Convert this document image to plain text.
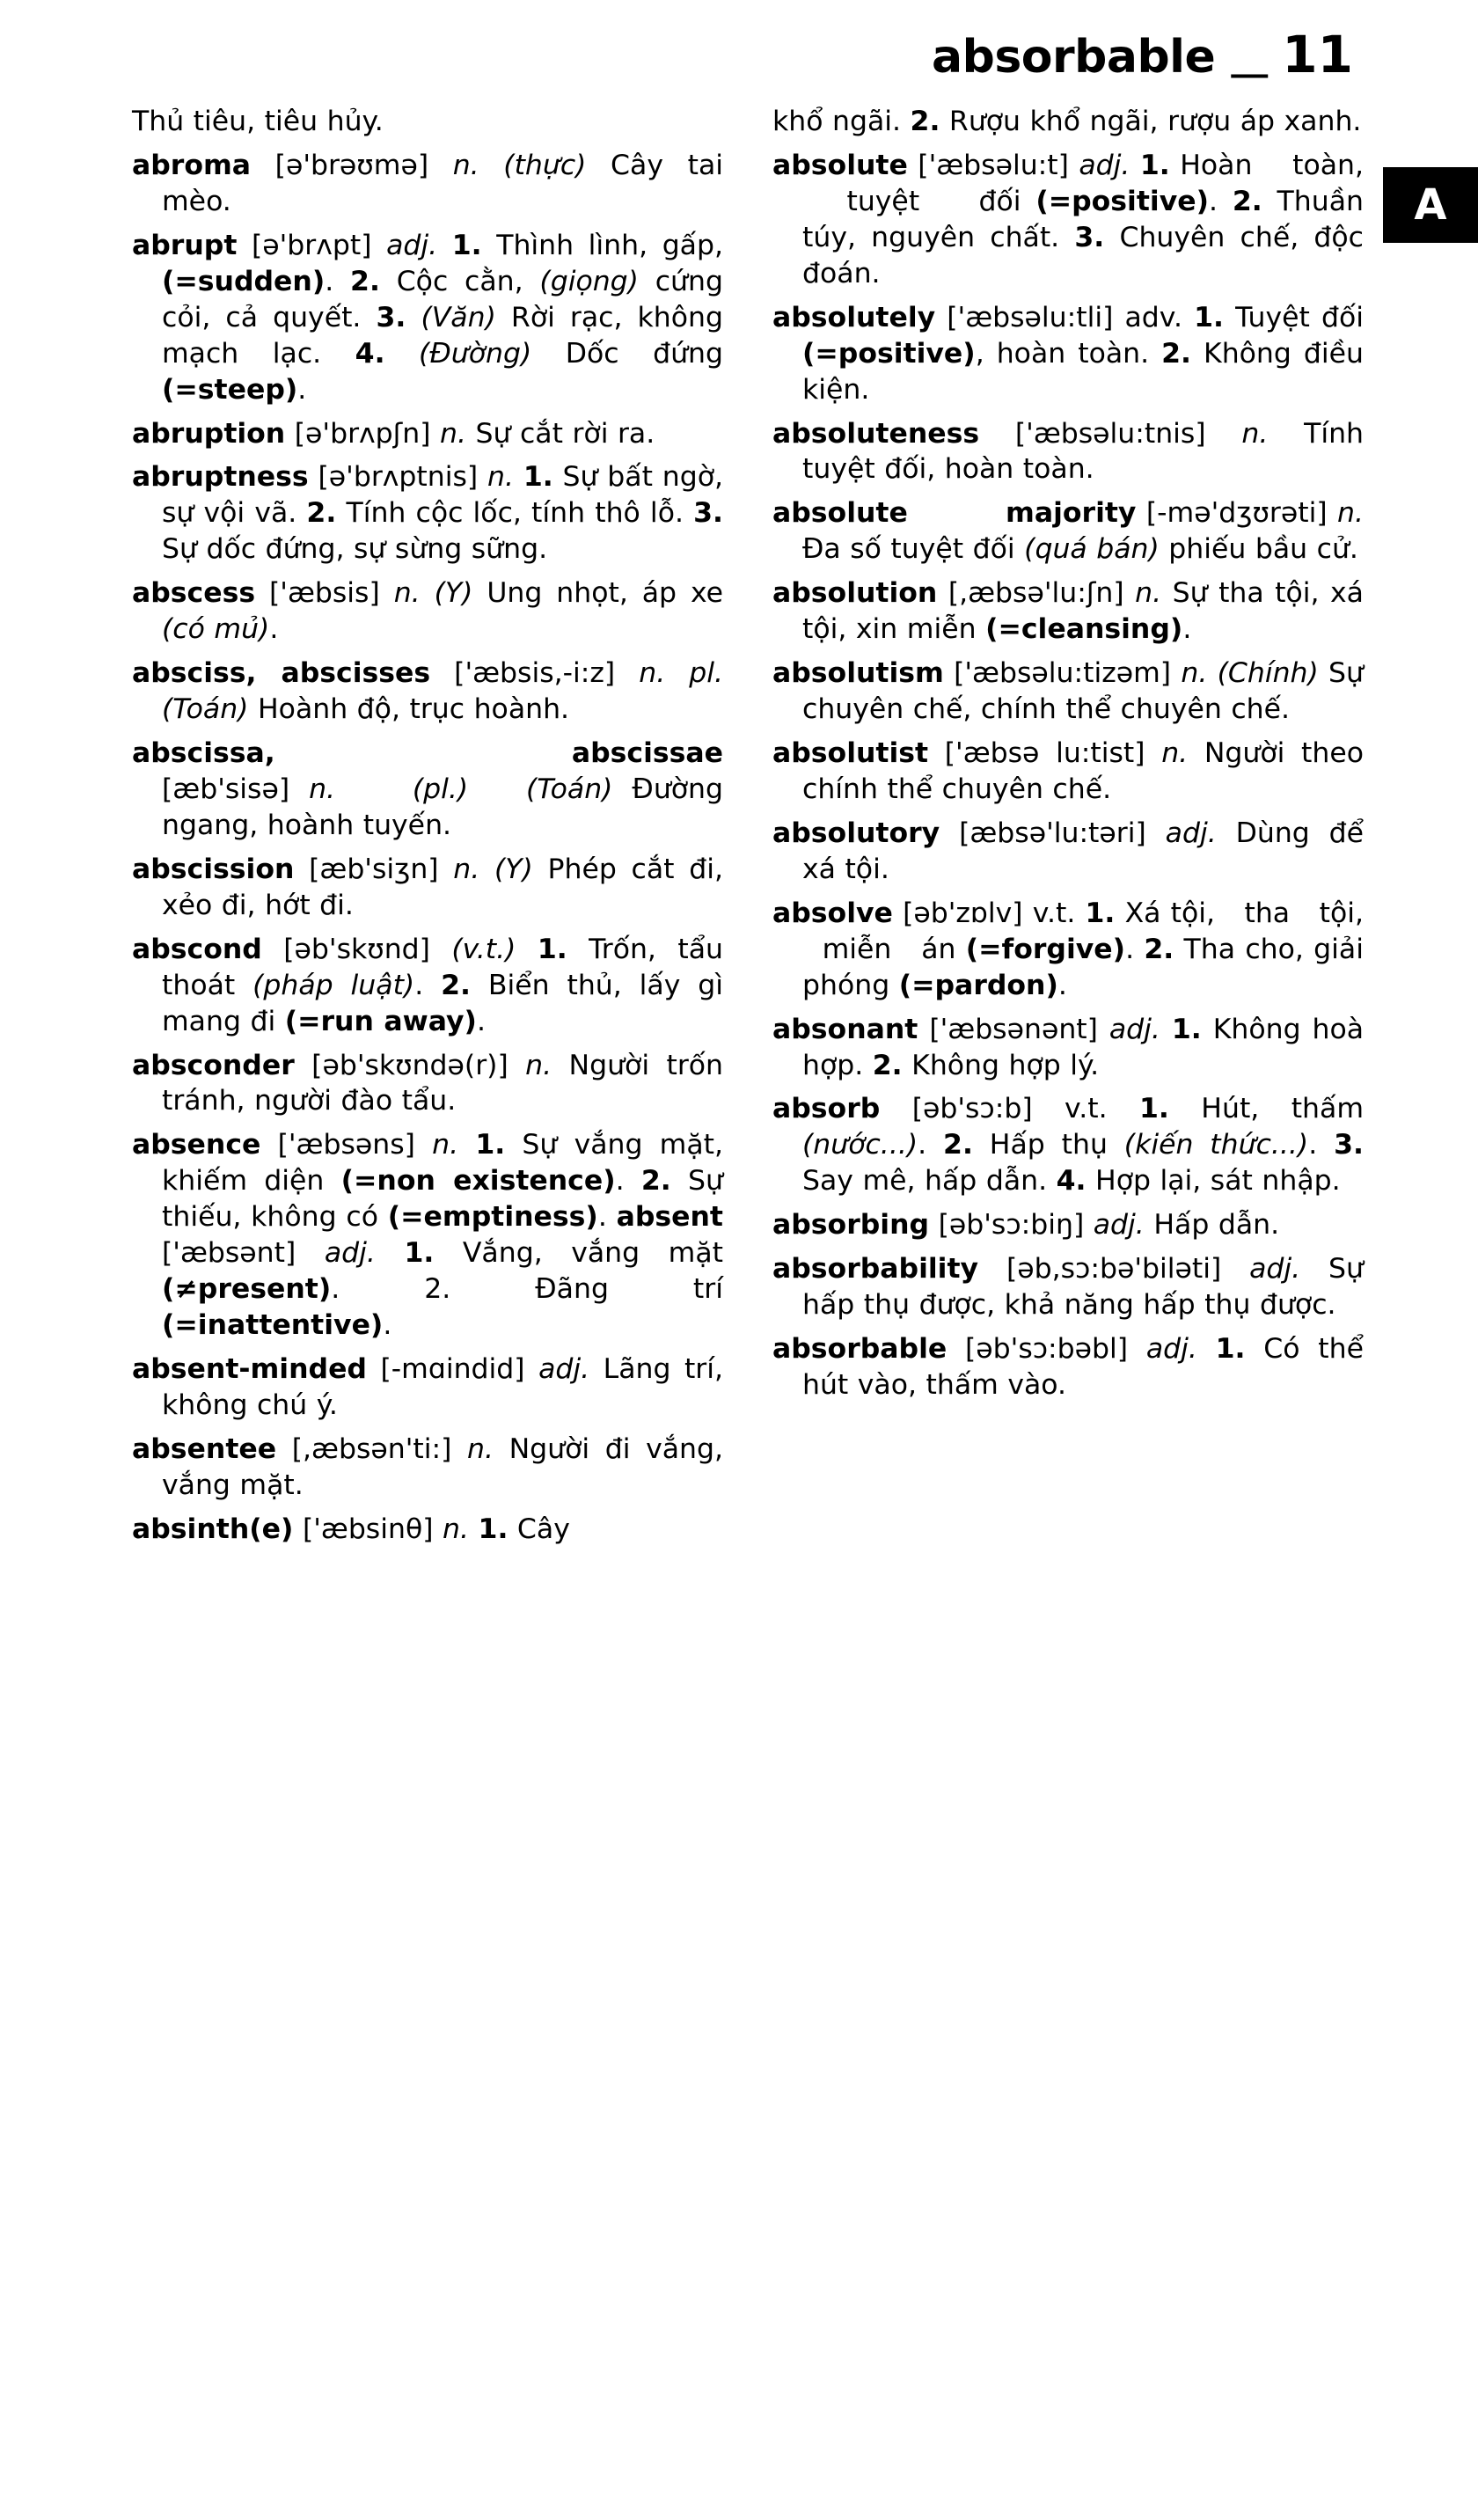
absorbable __ 11
A
Thủ tiêu, tiêu hủy.
abroma [ə'brəʊmə] n. (thực) Cây tai mèo.
abrupt [ə'brʌpt] adj. 1. Thình lình, gấp, (=sudden). 2. Cộc cằn, (giọng) cứng cỏi, cả quyết. 3. (Văn) Rời rạc, không mạch lạc. 4. (Đường) Dốc đứng (=steep).
abruption [ə'brʌpʃn] n. Sự cắt rời ra.
abruptness [ə'brʌptnis] n. 1. Sự bất ngờ, sự vội vã. 2. Tính cộc lốc, tính thô lỗ. 3. Sự dốc đứng, sự sừng sững.
abscess ['æbsis] n. (Y) Ung nhọt, áp xe (có mủ).
absciss, abscisses ['æbsis,-i:z] n. pl. (Toán) Hoành độ, trục hoành.
abscissa,                  abscissae [æb'sisə] n.    (pl.)   (Toán) Đường ngang, hoành tuyến.
abscission [æb'siʒn] n. (Y) Phép cắt đi, xẻo đi, hớt đi.
abscond [əb'skʊnd] (v.t.) 1. Trốn, tẩu thoát (pháp luật). 2. Biển thủ, lấy gì mang đi (=run away).
absconder [əb'skʊndə(r)] n. Người trốn tránh, người đào tẩu.
absence ['æbsəns] n. 1. Sự vắng mặt, khiếm diện (=non existence). 2. Sự thiếu, không có (=emptiness). absent ['æbsənt] adj. 1. Vắng, vắng mặt (≠present). 2. Đãng trí (=inattentive).
absent-minded [-mɑindid] adj. Lãng trí, không chú ý.
absentee [,æbsən'ti:] n. Người đi vắng, vắng mặt.
absinth(e) ['æbsinθ] n. 1. Cây
khổ ngãi. 2. Rượu khổ ngãi, rượu áp xanh.
absolute ['æbsəlu:t] adj. 1. Hoàn    toàn,    tuyệt    đối (=positive). 2. Thuần túy, nguyên chất. 3. Chuyên chế, độc đoán.
absolutely ['æbsəlu:tli] adv. 1. Tuyệt đối (=positive), hoàn toàn. 2. Không điều kiện.
absoluteness ['æbsəlu:tnis] n. Tính tuyệt đối, hoàn toàn.
absolute         majority [-mə'dʒʊrəti] n. Đa số tuyệt đối (quá bán) phiếu bầu cử.
absolution [,æbsə'lu:ʃn] n. Sự tha tội, xá tội, xin miễn (=cleansing).
absolutism ['æbsəlu:tizəm] n. (Chính) Sự chuyên chế, chính thể chuyên chế.
absolutist ['æbsə lu:tist] n. Người theo chính thể chuyên chế.
absolutory [æbsə'lu:təri] adj. Dùng để xá tội.
absolve [əb'zɒlv] v.t. 1. Xá tội,   tha   tội,   miễn   án (=forgive). 2. Tha cho, giải phóng (=pardon).
absonant ['æbsənənt] adj. 1. Không hoà hợp. 2. Không hợp lý.
absorb [əb'sɔ:b] v.t. 1. Hút, thấm (nước...). 2. Hấp thụ (kiến thức...). 3. Say mê, hấp dẫn. 4. Hợp lại, sát nhập.
absorbing [əb'sɔ:biŋ] adj. Hấp dẫn.
absorbability [əb,sɔ:bə'biləti] adj. Sự hấp thụ được, khả năng hấp thụ được.
absorbable [əb'sɔ:bəbl] adj. 1. Có thể hút vào, thấm vào.
